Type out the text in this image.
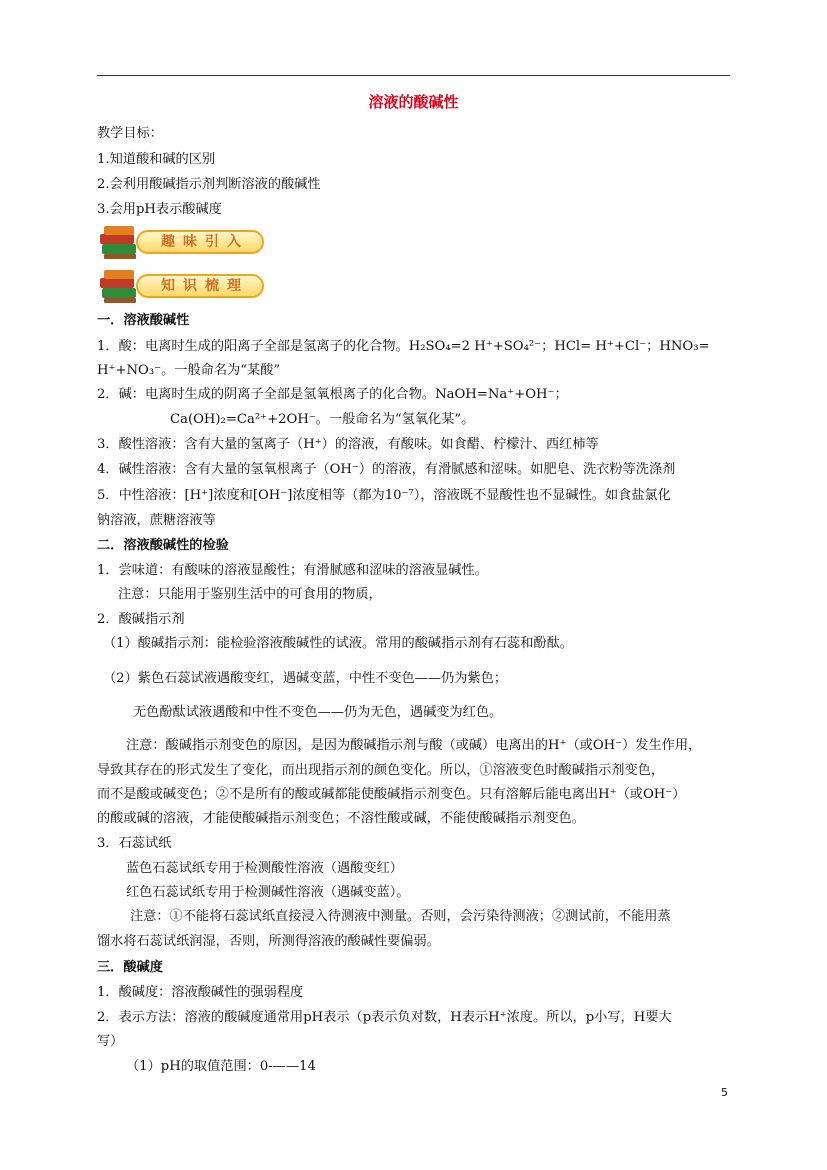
溶液的酸碱性
教学目标：
1.知道酸和碱的区别
2.会利用酸碱指示剂判断溶液的酸碱性
3.会用pH表示酸碱度
趣味引入
知识梳理
一．溶液酸碱性
1．酸：电离时生成的阳离子全部是氢离子的化合物。H₂SO₄=2 H⁺+SO₄²⁻；HCl= H⁺+Cl⁻；HNO₃=
H⁺+NO₃⁻。一般命名为“某酸”
2．碱：电离时生成的阴离子全部是氢氧根离子的化合物。NaOH=Na⁺+OH⁻；
Ca(OH)₂=Ca²⁺+2OH⁻。一般命名为“氢氧化某”。
3．酸性溶液：含有大量的氢离子（H⁺）的溶液，有酸味。如食醋、柠檬汁、西红柿等
4．碱性溶液：含有大量的氢氧根离子（OH⁻）的溶液，有滑腻感和涩味。如肥皂、洗衣粉等洗涤剂
5．中性溶液：[H⁺]浓度和[OH⁻]浓度相等（都为10⁻⁷），溶液既不显酸性也不显碱性。如食盐氯化
钠溶液，蔗糖溶液等
二．溶液酸碱性的检验
1．尝味道：有酸味的溶液显酸性；有滑腻感和涩味的溶液显碱性。
注意：只能用于鉴别生活中的可食用的物质，
2．酸碱指示剂
（1）酸碱指示剂：能检验溶液酸碱性的试液。常用的酸碱指示剂有石蕊和酚酞。
（2）紫色石蕊试液遇酸变红，遇碱变蓝，中性不变色——仍为紫色；
无色酚酞试液遇酸和中性不变色——仍为无色，遇碱变为红色。
注意：酸碱指示剂变色的原因，是因为酸碱指示剂与酸（或碱）电离出的H⁺（或OH⁻）发生作用，
导致其存在的形式发生了变化，而出现指示剂的颜色变化。所以，①溶液变色时酸碱指示剂变色，
而不是酸或碱变色；②不是所有的酸或碱都能使酸碱指示剂变色。只有溶解后能电离出H⁺（或OH⁻）
的酸或碱的溶液，才能使酸碱指示剂变色；不溶性酸或碱，不能使酸碱指示剂变色。
3．石蕊试纸
蓝色石蕊试纸专用于检测酸性溶液（遇酸变红）
红色石蕊试纸专用于检测碱性溶液（遇碱变蓝）。
注意：①不能将石蕊试纸直接浸入待测液中测量。否则，会污染待测液；②测试前，不能用蒸
馏水将石蕊试纸润湿，否则，所测得溶液的酸碱性要偏弱。
三．酸碱度
1．酸碱度：溶液酸碱性的强弱程度
2．表示方法：溶液的酸碱度通常用pH表示（p表示负对数，H表示H⁺浓度。所以，p小写，H要大
写）
（1）pH的取值范围：0-——14
5
